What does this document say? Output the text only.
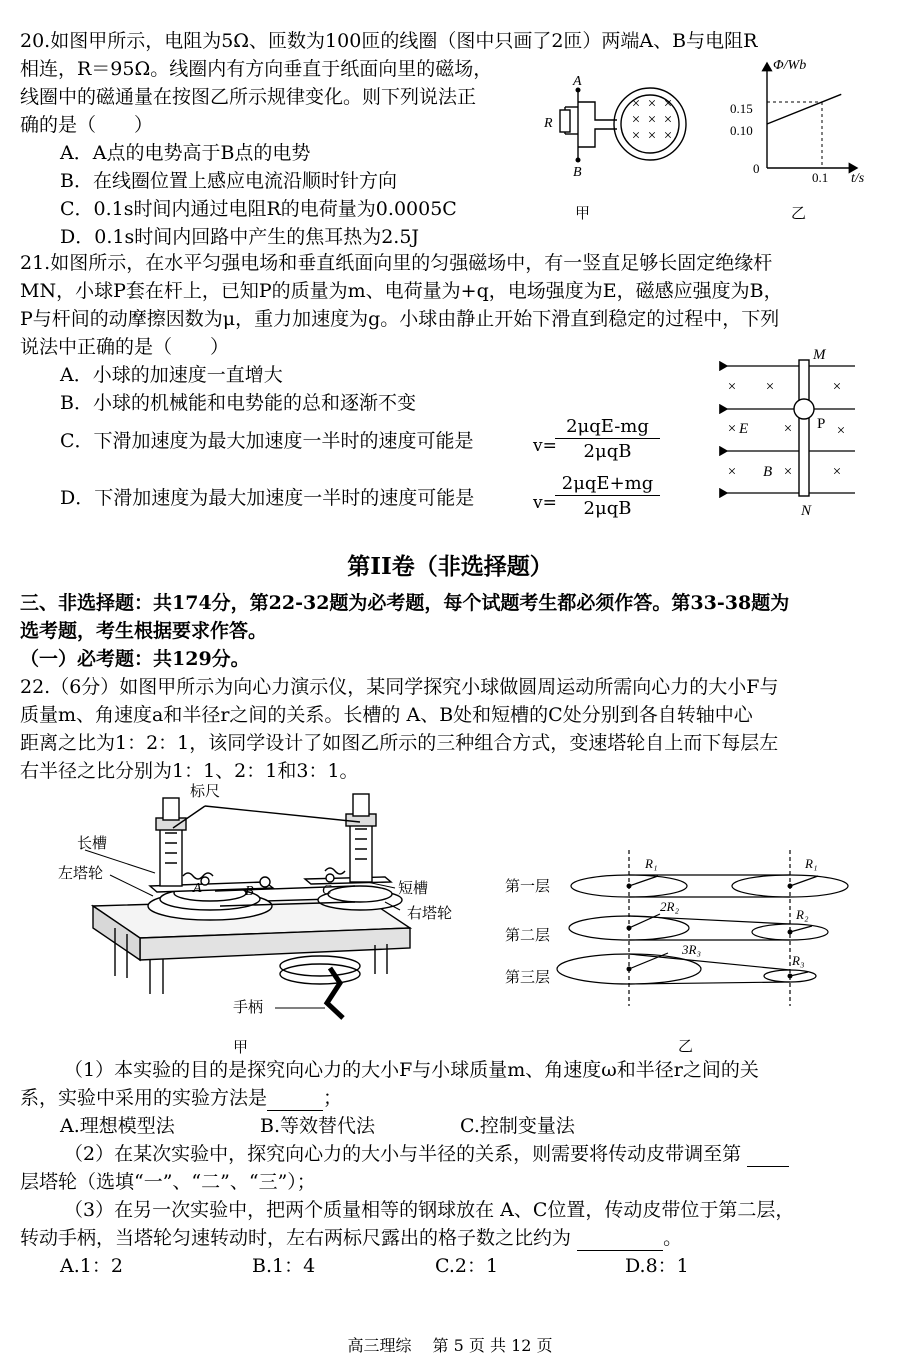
20.如图甲所示，电阻为5Ω、匝数为100匝的线圈（图中只画了2匝）两端A、B与电阻R
相连，R＝95Ω。线圈内有方向垂直于纸面向里的磁场，
线圈中的磁通量在按图乙所示规律变化。则下列说法正
确的是（　　）
A．A点的电势高于B点的电势
B．在线圈位置上感应电流沿顺时针方向
C．0.1s时间内通过电阻R的电荷量为0.0005C
D．0.1s时间内回路中产生的焦耳热为2.5J
A
B
R
× × ×
× × ×
× × ×
甲
Φ/Wb
t/s
0
0.15
0.10
0.1
乙
21.如图所示，在水平匀强电场和垂直纸面向里的匀强磁场中，有一竖直足够长固定绝缘杆
MN，小球P套在杆上，已知P的质量为m、电荷量为+q，电场强度为E，磁感应强度为B，
P与杆间的动摩擦因数为μ，重力加速度为g。小球由静止开始下滑直到稳定的过程中，下列
说法中正确的是（　　）
A．小球的加速度一直增大
B．小球的机械能和电势能的总和逐渐不变
C．下滑加速度为最大加速度一半时的速度可能是	v=
2μqE-mg
2μqB
D．下滑加速度为最大加速度一半时的速度可能是	v=
2μqE+mg
2μqB
× ×	×
×	×	×
×	×	×
M
N
P
E
B
第II卷（非选择题）
三、非选择题：共174分，第22-32题为必考题，每个试题考生都必须作答。第33-38题为
选考题，考生根据要求作答。
（一）必考题：共129分。
22.（6分）如图甲所示为向心力演示仪，某同学探究小球做圆周运动所需向心力的大小F与
质量m、角速度a和半径r之间的关系。长槽的 A、B处和短槽的C处分别到各自转轴中心
距离之比为1：2：1，该同学设计了如图乙所示的三种组合方式，变速塔轮自上而下每层左
右半径之比分别为1：1、2：1和3：1。
标尺
长槽
左塔轮
短槽
右塔轮
手柄
A	B	C
甲
第一层
第二层
第三层
R₁	R₁
2R₂
R₂
3R₃
R₃
乙
（1）本实验的目的是探究向心力的大小F与小球质量m、角速度ω和半径r之间的关
系，实验中采用的实验方法是	；
A.理想模型法	B.等效替代法	C.控制变量法
（2）在某次实验中，探究向心力的大小与半径的关系，则需要将传动皮带调至第
层塔轮（选填“一”、“二”、“三”）；
（3）在另一次实验中，把两个质量相等的钢球放在 A、C位置，传动皮带位于第二层，
转动手柄，当塔轮匀速转动时，左右两标尺露出的格子数之比约为	。
A.1：2	B.1：4	C.2：1	D.8：1
高三理综　 第 5 页 共 12 页
